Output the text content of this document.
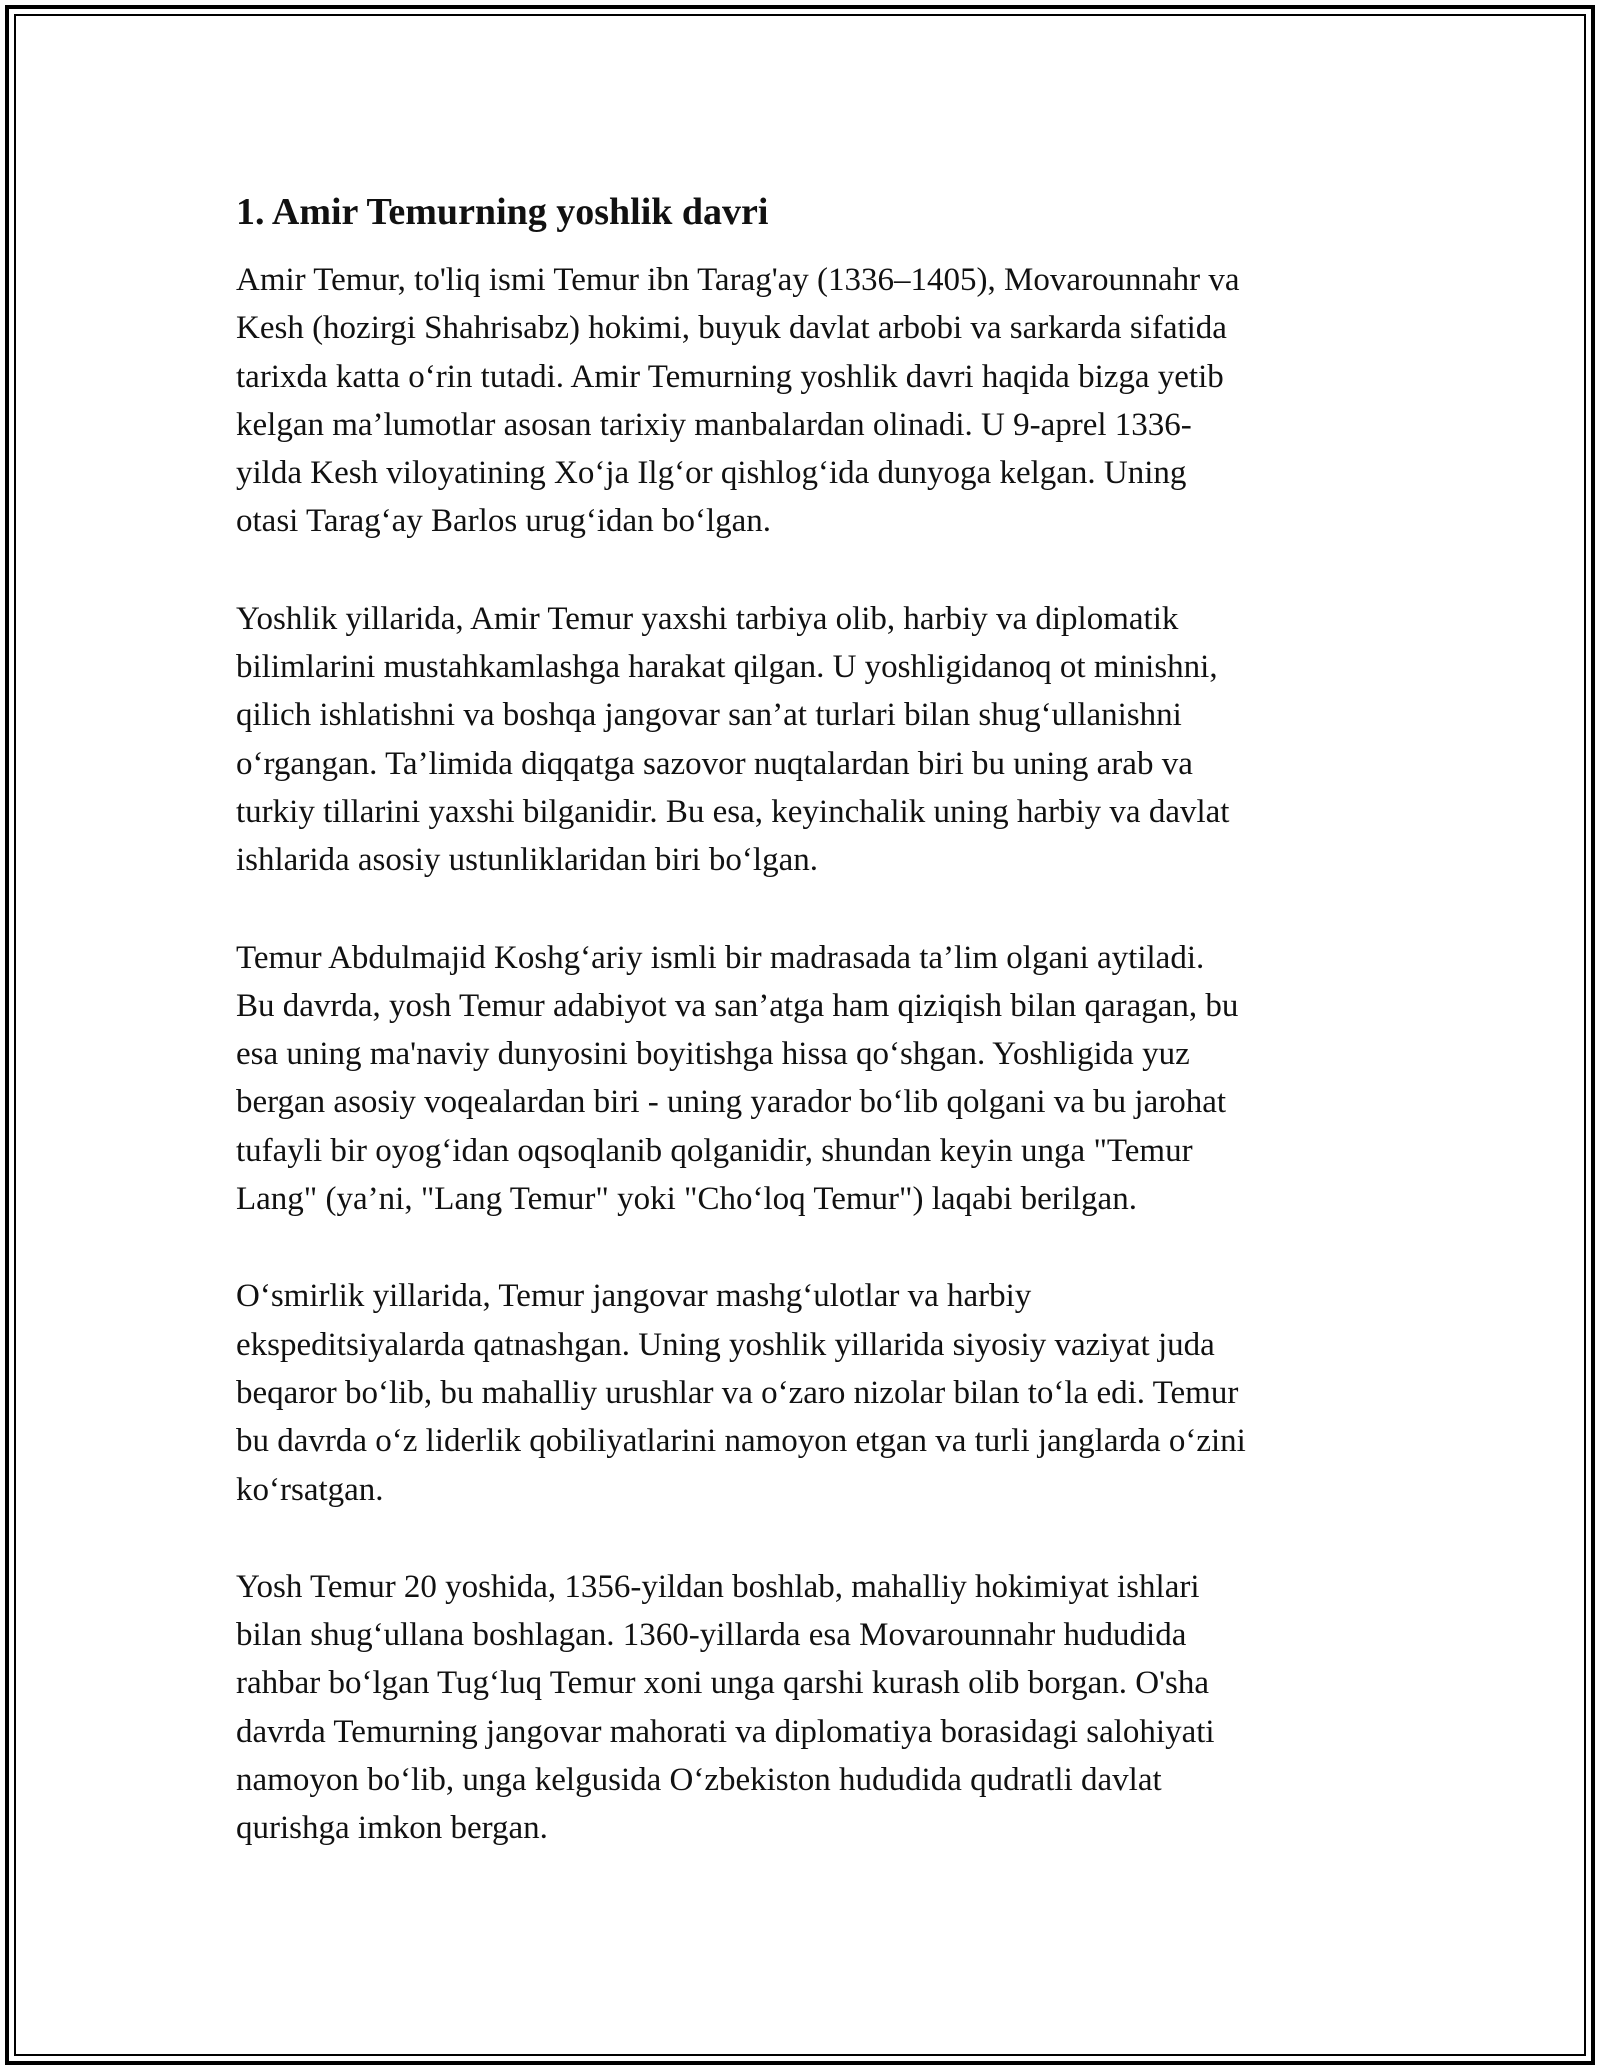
1. Amir Temurning yoshlik davri

Amir Temur, to'liq ismi Temur ibn Tarag'ay (1336–1405), Movarounnahr va
Kesh (hozirgi Shahrisabz) hokimi, buyuk davlat arbobi va sarkarda sifatida
tarixda katta o‘rin tutadi. Amir Temurning yoshlik davri haqida bizga yetib
kelgan ma’lumotlar asosan tarixiy manbalardan olinadi. U 9-aprel 1336-
yilda Kesh viloyatining Xo‘ja Ilg‘or qishlog‘ida dunyoga kelgan. Uning
otasi Tarag‘ay Barlos urug‘idan bo‘lgan.

Yoshlik yillarida, Amir Temur yaxshi tarbiya olib, harbiy va diplomatik
bilimlarini mustahkamlashga harakat qilgan. U yoshligidanoq ot minishni,
qilich ishlatishni va boshqa jangovar san’at turlari bilan shug‘ullanishni
o‘rgangan. Ta’limida diqqatga sazovor nuqtalardan biri bu uning arab va
turkiy tillarini yaxshi bilganidir. Bu esa, keyinchalik uning harbiy va davlat
ishlarida asosiy ustunliklaridan biri bo‘lgan.

Temur Abdulmajid Koshg‘ariy ismli bir madrasada ta’lim olgani aytiladi.
Bu davrda, yosh Temur adabiyot va san’atga ham qiziqish bilan qaragan, bu
esa uning ma'naviy dunyosini boyitishga hissa qo‘shgan. Yoshligida yuz
bergan asosiy voqealardan biri - uning yarador bo‘lib qolgani va bu jarohat
tufayli bir oyog‘idan oqsoqlanib qolganidir, shundan keyin unga "Temur
Lang" (ya’ni, "Lang Temur" yoki "Cho‘loq Temur") laqabi berilgan.

O‘smirlik yillarida, Temur jangovar mashg‘ulotlar va harbiy
ekspeditsiyalarda qatnashgan. Uning yoshlik yillarida siyosiy vaziyat juda
beqaror bo‘lib, bu mahalliy urushlar va o‘zaro nizolar bilan to‘la edi. Temur
bu davrda o‘z liderlik qobiliyatlarini namoyon etgan va turli janglarda o‘zini
ko‘rsatgan.

Yosh Temur 20 yoshida, 1356-yildan boshlab, mahalliy hokimiyat ishlari
bilan shug‘ullana boshlagan. 1360-yillarda esa Movarounnahr hududida
rahbar bo‘lgan Tug‘luq Temur xoni unga qarshi kurash olib borgan. O'sha
davrda Temurning jangovar mahorati va diplomatiya borasidagi salohiyati
namoyon bo‘lib, unga kelgusida O‘zbekiston hududida qudratli davlat
qurishga imkon bergan.
